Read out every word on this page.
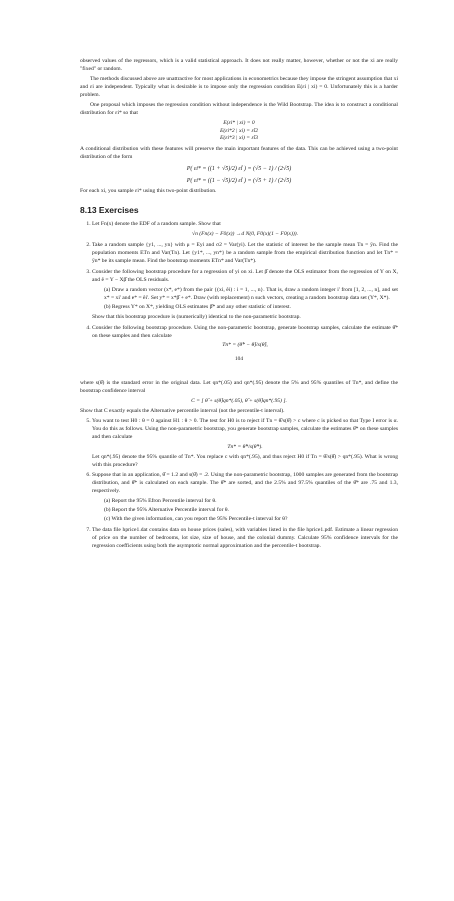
observed values of the regressors, which is a valid statistical approach. It does not really matter, however, whether or not the xi are really "fixed" or random.

The methods discussed above are unattractive for most applications in econometrics because they impose the stringent assumption that xi and εi are independent. Typically what is desirable is to impose only the regression condition E(εi | xi) = 0. Unfortunately this is a harder problem.

One proposal which imposes the regression condition without independence is the Wild Bootstrap. The idea is to construct a conditional distribution for εi* so that

E(εi* | xi) = 0
E(εi*2 | xi) = ε̂i2
E(εi*3 | xi) = ε̂i3

A conditional distribution with these features will preserve the main important features of the data. This can be achieved using a two-point distribution of the form

P( εi* = ((1 + √5)/2) ε̂i ) = (√5 − 1) / (2√5)
P( εi* = ((1 − √5)/2) ε̂i ) = (√5 + 1) / (2√5)

For each xi, you sample εi* using this two-point distribution.

8.13 Exercises
1. Let Fn(x) denote the EDF of a random sample. Show that
√n (Fn(x) − F0(x)) →d N(0, F0(x)(1 − F0(x))).
2. Take a random sample {y1, ..., yn} with μ = Eyi and σ2 = Var(yi). Let the statistic of interest be the sample mean Tn = ȳn. Find the population moments ETn and Var(Tn). Let {y1*, ..., yn*} be a random sample from the empirical distribution function and let Tn* = ȳn* be its sample mean. Find the bootstrap moments ETn* and Var(Tn*).
3. Consider the following bootstrap procedure for a regression of yi on xi. Let β̂ denote the OLS estimator from the regression of Y on X, and ê = Y − Xβ̂ the OLS residuals.
(a) Draw a random vector (x*, e*) from the pair {(xi, êi) : i = 1, ..., n}. That is, draw a random integer i' from [1, 2, ..., n], and set x* = xi' and e* = êi'. Set y* = x*β̂ + e*. Draw (with replacement) n such vectors, creating a random bootstrap data set (Y*, X*).
(b) Regress Y* on X*, yielding OLS estimates β̂* and any other statistic of interest.
Show that this bootstrap procedure is (numerically) identical to the non-parametric bootstrap.
4. Consider the following bootstrap procedure. Using the non-parametric bootstrap, generate bootstrap samples, calculate the estimate θ̂* on these samples and then calculate
Tn* = (θ̂* − θ̂)/s(θ̂),
104

where s(θ̂) is the standard error in the original data. Let qn*(.05) and qn*(.95) denote the 5% and 95% quantiles of Tn*, and define the bootstrap confidence interval

C = [ θ̂ + s(θ̂)qn*(.05), θ̂ + s(θ̂)qn*(.95) ].

Show that C exactly equals the Alternative percentile interval (not the percentile-t interval).

5. You want to test H0 : θ = 0 against H1 : θ > 0. The test for H0 is to reject if Tn = θ̂/s(θ̂) > c where c is picked so that Type I error is α. You do this as follows. Using the non-parametric bootstrap, you generate bootstrap samples, calculate the estimates θ̂* on these samples and then calculate
Tn* = θ̂*/s(θ̂*).
Let qn*(.95) denote the 95% quantile of Tn*. You replace c with qn*(.95), and thus reject H0 if Tn = θ̂/s(θ̂) > qn*(.95). What is wrong with this procedure?
6. Suppose that in an application, θ̂ = 1.2 and s(θ̂) = .2. Using the non-parametric bootstrap, 1000 samples are generated from the bootstrap distribution, and θ̂* is calculated on each sample. The θ̂* are sorted, and the 2.5% and 97.5% quantiles of the θ̂* are .75 and 1.3, respectively.
(a) Report the 95% Efron Percentile interval for θ.
(b) Report the 95% Alternative Percentile interval for θ.
(c) With the given information, can you report the 95% Percentile-t interval for θ?
7. The data file hprice1.dat contains data on house prices (sales), with variables listed in the file hprice1.pdf. Estimate a linear regression of price on the number of bedrooms, lot size, size of house, and the colonial dummy. Calculate 95% confidence intervals for the regression coefficients using both the asymptotic normal approximation and the percentile-t bootstrap.
